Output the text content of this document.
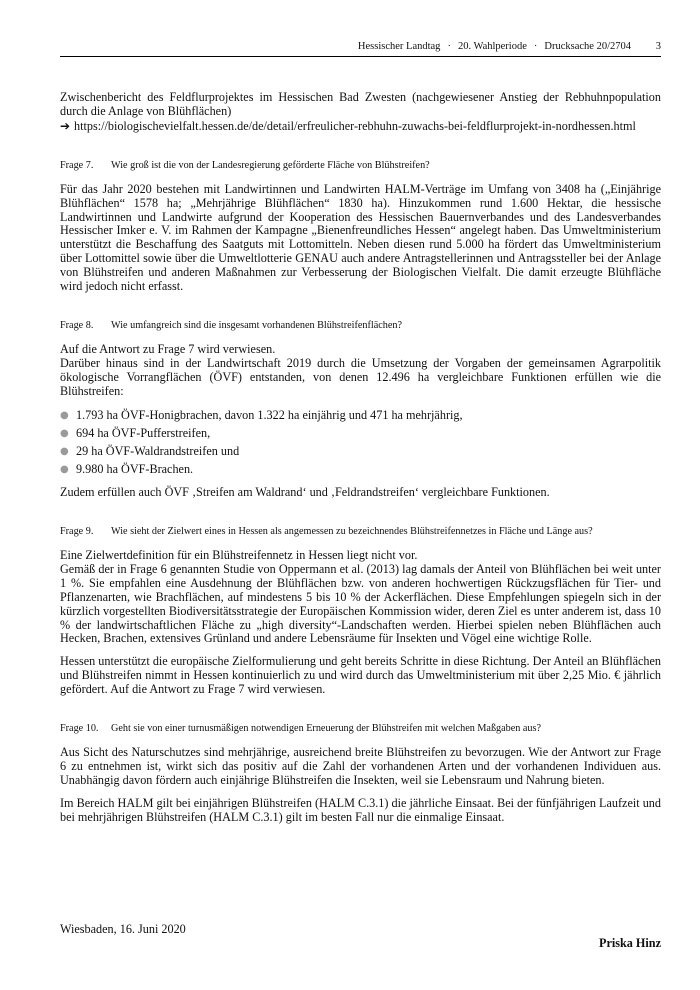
Hessischer Landtag · 20. Wahlperiode · Drucksache 20/2704 3

Zwischenbericht des Feldflurprojektes im Hessischen Bad Zwesten (nachgewiesener Anstieg der Rebhuhnpopulation durch die Anlage von Blühflächen)

➔ https://biologischevielfalt.hessen.de/de/detail/erfreulicher-rebhuhn-zuwachs-bei-feldflurprojekt-in-nordhessen.html
Frage 7.	Wie groß ist die von der Landesregierung geförderte Fläche von Blühstreifen?

Für das Jahr 2020 bestehen mit Landwirtinnen und Landwirten HALM-Verträge im Umfang von 3408 ha („Einjährige Blühflächen“ 1578 ha; „Mehrjährige Blühflächen“ 1830 ha). Hinzukommen rund 1.600 Hektar, die hessische Landwirtinnen und Landwirte aufgrund der Kooperation des Hessischen Bauernverbandes und des Landesverbandes Hessischer Imker e. V. im Rahmen der Kampagne „Bienenfreundliches Hessen“ angelegt haben. Das Umweltministerium unterstützt die Beschaffung des Saatguts mit Lottomitteln. Neben diesen rund 5.000 ha fördert das Umweltministerium über Lottomittel sowie über die Umweltlotterie GENAU auch andere Antragstellerinnen und Antragssteller bei der Anlage von Blühstreifen und anderen Maßnahmen zur Verbesserung der Biologischen Vielfalt. Die damit erzeugte Blühfläche wird jedoch nicht erfasst.

Frage 8.	Wie umfangreich sind die insgesamt vorhandenen Blühstreifenflächen?

Auf die Antwort zu Frage 7 wird verwiesen.

Darüber hinaus sind in der Landwirtschaft 2019 durch die Umsetzung der Vorgaben der gemeinsamen Agrarpolitik ökologische Vorrangflächen (ÖVF) entstanden, von denen 12.496 ha vergleichbare Funktionen erfüllen wie die Blühstreifen:

● 1.793 ha ÖVF-Honigbrachen, davon 1.322 ha einjährig und 471 ha mehrjährig,
● 694 ha ÖVF-Pufferstreifen,
● 29 ha ÖVF-Waldrandstreifen und
● 9.980 ha ÖVF-Brachen.

Zudem erfüllen auch ÖVF ‚Streifen am Waldrand‘ und ‚Feldrandstreifen‘ vergleichbare Funktionen.

Frage 9.	Wie sieht der Zielwert eines in Hessen als angemessen zu bezeichnendes Blühstreifennetzes in Fläche und Länge aus?

Eine Zielwertdefinition für ein Blühstreifennetz in Hessen liegt nicht vor.

Gemäß der in Frage 6 genannten Studie von Oppermann et al. (2013) lag damals der Anteil von Blühflächen bei weit unter 1 %. Sie empfahlen eine Ausdehnung der Blühflächen bzw. von anderen hochwertigen Rückzugsflächen für Tier- und Pflanzenarten, wie Brachflächen, auf mindestens 5 bis 10 % der Ackerflächen. Diese Empfehlungen spiegeln sich in der kürzlich vorgestellten Biodiversitätsstrategie der Europäischen Kommission wider, deren Ziel es unter anderem ist, dass 10 % der landwirtschaftlichen Fläche zu „high diversity“-Landschaften werden. Hierbei spielen neben Blühflächen auch Hecken, Brachen, extensives Grünland und andere Lebensräume für Insekten und Vögel eine wichtige Rolle.

Hessen unterstützt die europäische Zielformulierung und geht bereits Schritte in diese Richtung. Der Anteil an Blühflächen und Blühstreifen nimmt in Hessen kontinuierlich zu und wird durch das Umweltministerium mit über 2,25 Mio. € jährlich gefördert. Auf die Antwort zu Frage 7 wird verwiesen.

Frage 10.	Geht sie von einer turnusmäßigen notwendigen Erneuerung der Blühstreifen mit welchen Maßgaben aus?

Aus Sicht des Naturschutzes sind mehrjährige, ausreichend breite Blühstreifen zu bevorzugen. Wie der Antwort zur Frage 6 zu entnehmen ist, wirkt sich das positiv auf die Zahl der vorhandenen Arten und der vorhandenen Individuen aus. Unabhängig davon fördern auch einjährige Blühstreifen die Insekten, weil sie Lebensraum und Nahrung bieten.

Im Bereich HALM gilt bei einjährigen Blühstreifen (HALM C.3.1) die jährliche Einsaat. Bei der fünfjährigen Laufzeit und bei mehrjährigen Blühstreifen (HALM C.3.1) gilt im besten Fall nur die einmalige Einsaat.

Wiesbaden, 16. Juni 2020
Priska Hinz
